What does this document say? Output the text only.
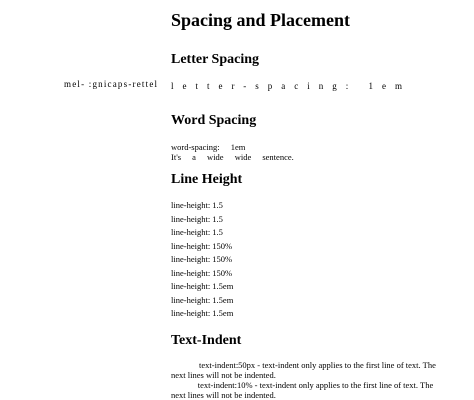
mel- :gnicaps-rettel
Spacing and Placement
Letter Spacing
letter-spacing: 1em
Word Spacing
word-spacing: 1em
It's a wide wide sentence.
Line Height
line-height: 1.5
line-height: 1.5
line-height: 1.5
line-height: 150%
line-height: 150%
line-height: 150%
line-height: 1.5em
line-height: 1.5em
line-height: 1.5em
Text-Indent

text-indent:50px - text-indent only applies to the first line of text. The next lines will not be indented.

text-indent:10% - text-indent only applies to the first line of text. The next lines will not be indented.
